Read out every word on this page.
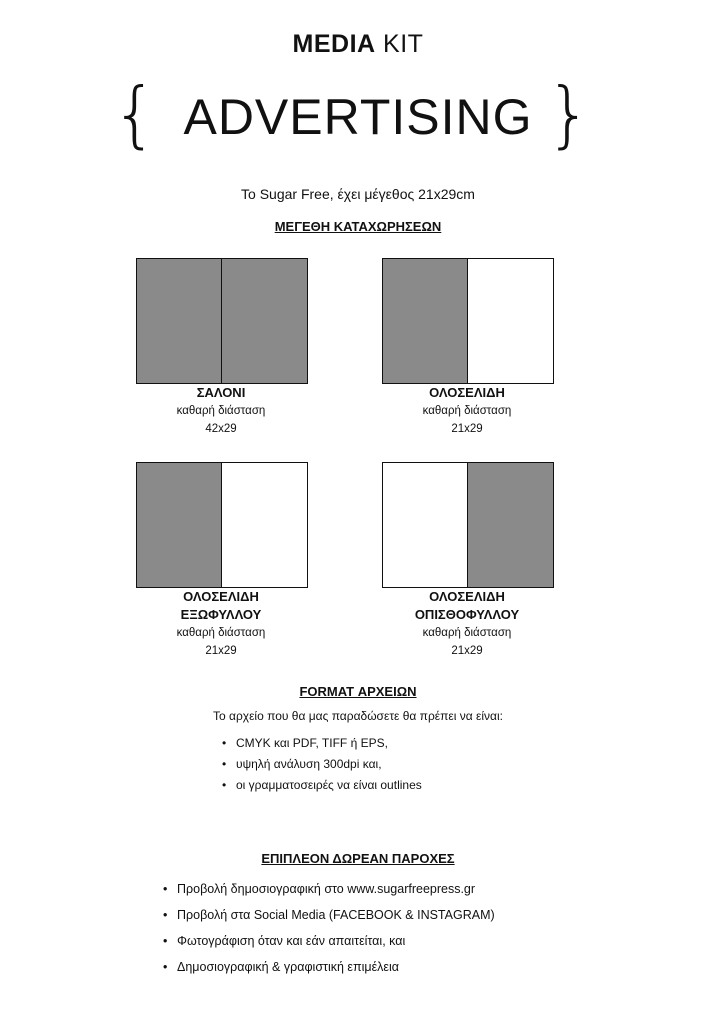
MEDIA KIT
{ ADVERTISING }
To Sugar Free, έχει μέγεθος 21x29cm
ΜΕΓΕΘΗ ΚΑΤΑΧΩΡΗΣΕΩΝ
ΣΑΛΟΝΙ
καθαρή διάσταση
42x29
ΟΛΟΣΕΛΙΔΗ
καθαρή διάσταση
21x29
ΟΛΟΣΕΛΙΔΗ
ΕΞΩΦΥΛΛΟΥ
καθαρή διάσταση
21x29
ΟΛΟΣΕΛΙΔΗ
ΟΠΙΣΘΟΦΥΛΛΟΥ
καθαρή διάσταση
21x29
FORMAT ΑΡΧΕΙΩΝ
Το αρχείο που θα μας παραδώσετε θα πρέπει να είναι:
• CMYK και PDF, TIFF ή EPS,
• υψηλή ανάλυση 300dpi και,
• οι γραμματοσειρές να είναι outlines
ΕΠΙΠΛΕΟΝ ΔΩΡΕΑΝ ΠΑΡΟΧΕΣ
• Προβολή δημοσιογραφική στο www.sugarfreepress.gr
• Προβολή στα Social Media (FACEBOOK & INSTAGRAM)
• Φωτογράφιση όταν και εάν απαιτείται, και
• Δημοσιογραφική & γραφιστική επιμέλεια
